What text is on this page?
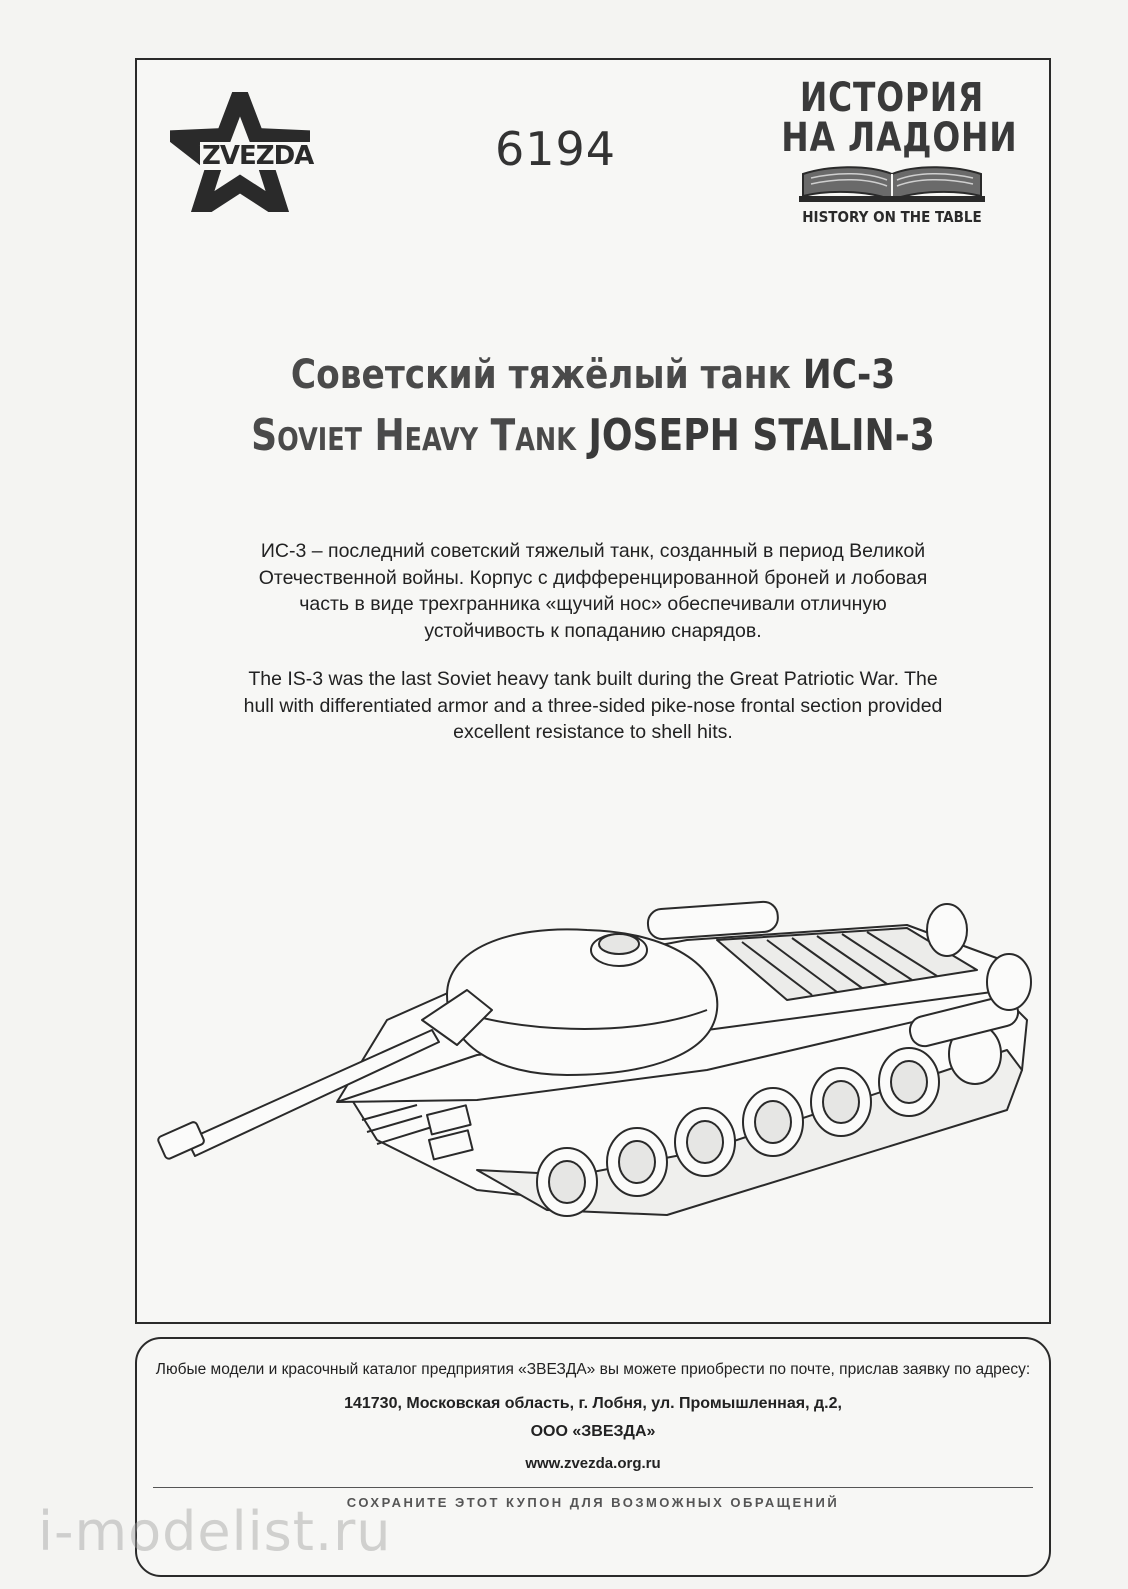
ZVEZDA	6194
ИСТОРИЯ
НА ЛАДОНИ
HISTORY ON THE TABLE
Советский тяжёлый танк ИС-3
Soviet Heavy Tank JOSEPH STALIN-3
ИС-3 – последний советский тяжелый танк, созданный в период Великой
Отечественной войны. Корпус с дифференцированной броней и лобовая
часть в виде трехгранника «щучий нос» обеспечивали отличную
устойчивость к попаданию снарядов.
The IS-3 was the last Soviet heavy tank built during the Great Patriotic War. The
hull with differentiated armor and a three-sided pike-nose frontal section provided
excellent resistance to shell hits.
Любые модели и красочный каталог предприятия «ЗВЕЗДА» вы можете приобрести по почте, прислав заявку по адресу:
141730, Московская область, г. Лобня, ул. Промышленная, д.2,
ООО «ЗВЕЗДА»
www.zvezda.org.ru
СОХРАНИТЕ ЭТОТ КУПОН ДЛЯ ВОЗМОЖНЫХ ОБРАЩЕНИЙ
i-modelist.ru
